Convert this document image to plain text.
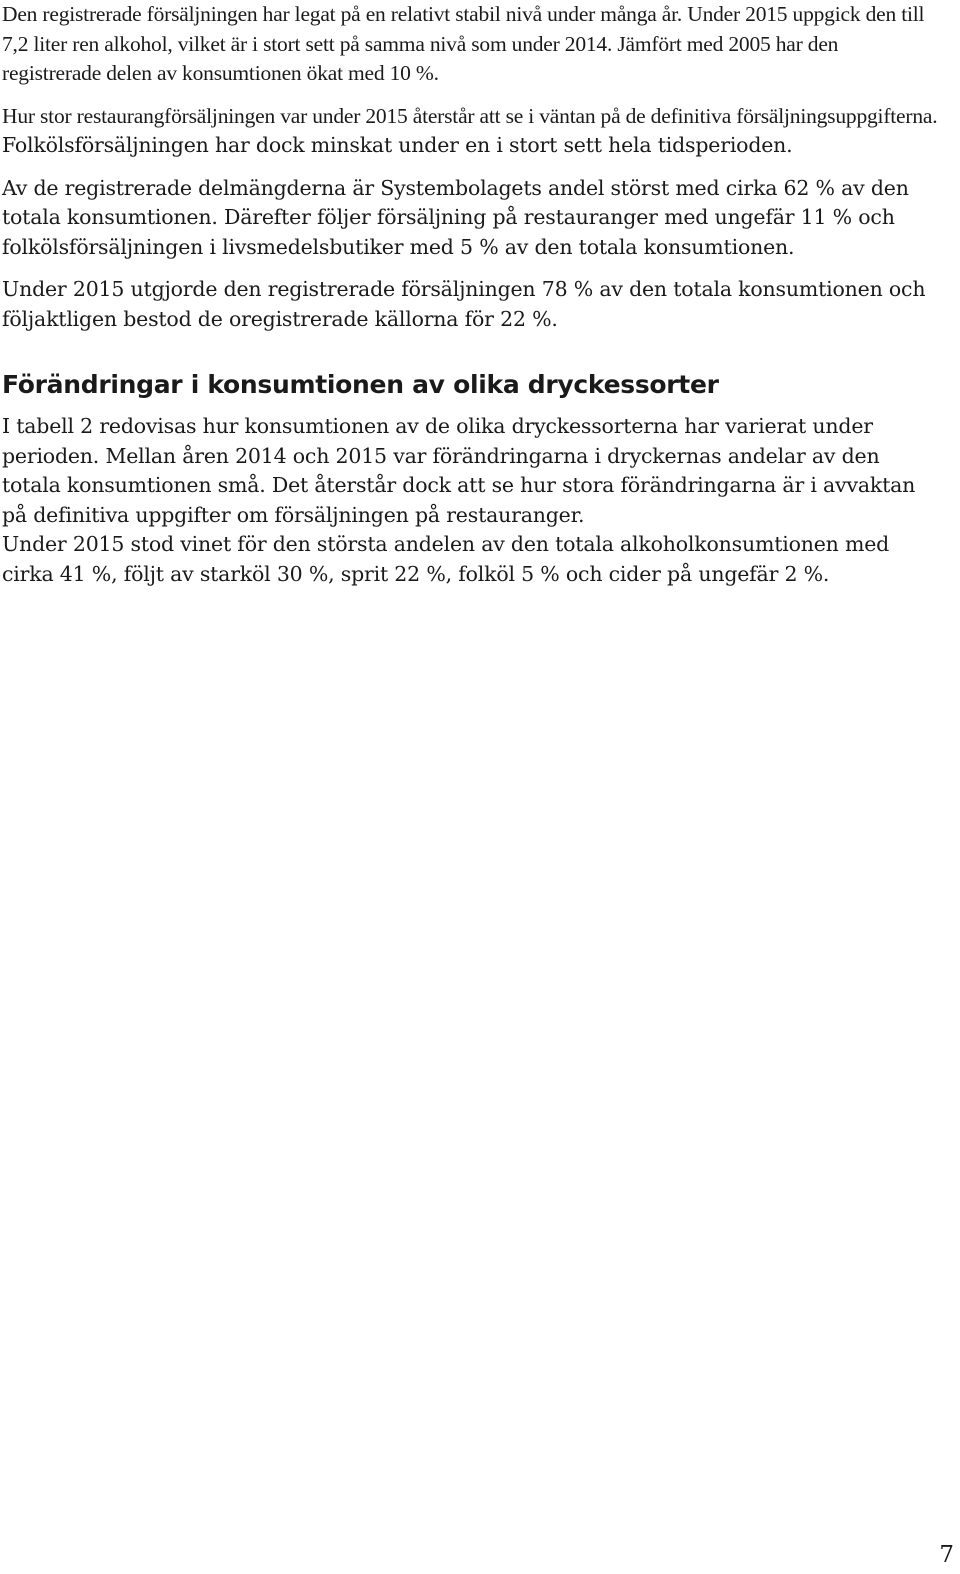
Den registrerade försäljningen har legat på en relativt stabil nivå under många år. Under 2015 uppgick den till 7,2 liter ren alkohol, vilket är i stort sett på samma nivå som under 2014. Jämfört med 2005 har den registrerade delen av konsumtionen ökat med 10 %.

Hur stor restaurangförsäljningen var under 2015 återstår att se i väntan på de definitiva försäljningsuppgifterna. Folkölsförsäljningen har dock minskat under en i stort sett hela tidsperioden.

Av de registrerade delmängderna är Systembolagets andel störst med cirka 62 % av den totala konsumtionen. Därefter följer försäljning på restauranger med ungefär 11 % och folkölsförsäljningen i livsmedelsbutiker med 5 % av den totala konsumtionen.

Under 2015 utgjorde den registrerade försäljningen 78 % av den totala konsumtionen och följaktligen bestod de oregistrerade källorna för 22 %.

Förändringar i konsumtionen av olika dryckessorter

I tabell 2 redovisas hur konsumtionen av de olika dryckessorterna har varierat under perioden. Mellan åren 2014 och 2015 var förändringarna i dryckernas andelar av den totala konsumtionen små. Det återstår dock att se hur stora förändringarna är i avvaktan på definitiva uppgifter om försäljningen på restauranger.

Under 2015 stod vinet för den största andelen av den totala alkoholkonsumtionen med cirka 41 %, följt av starköl 30 %, sprit 22 %, folköl 5 % och cider på ungefär 2 %.

7
